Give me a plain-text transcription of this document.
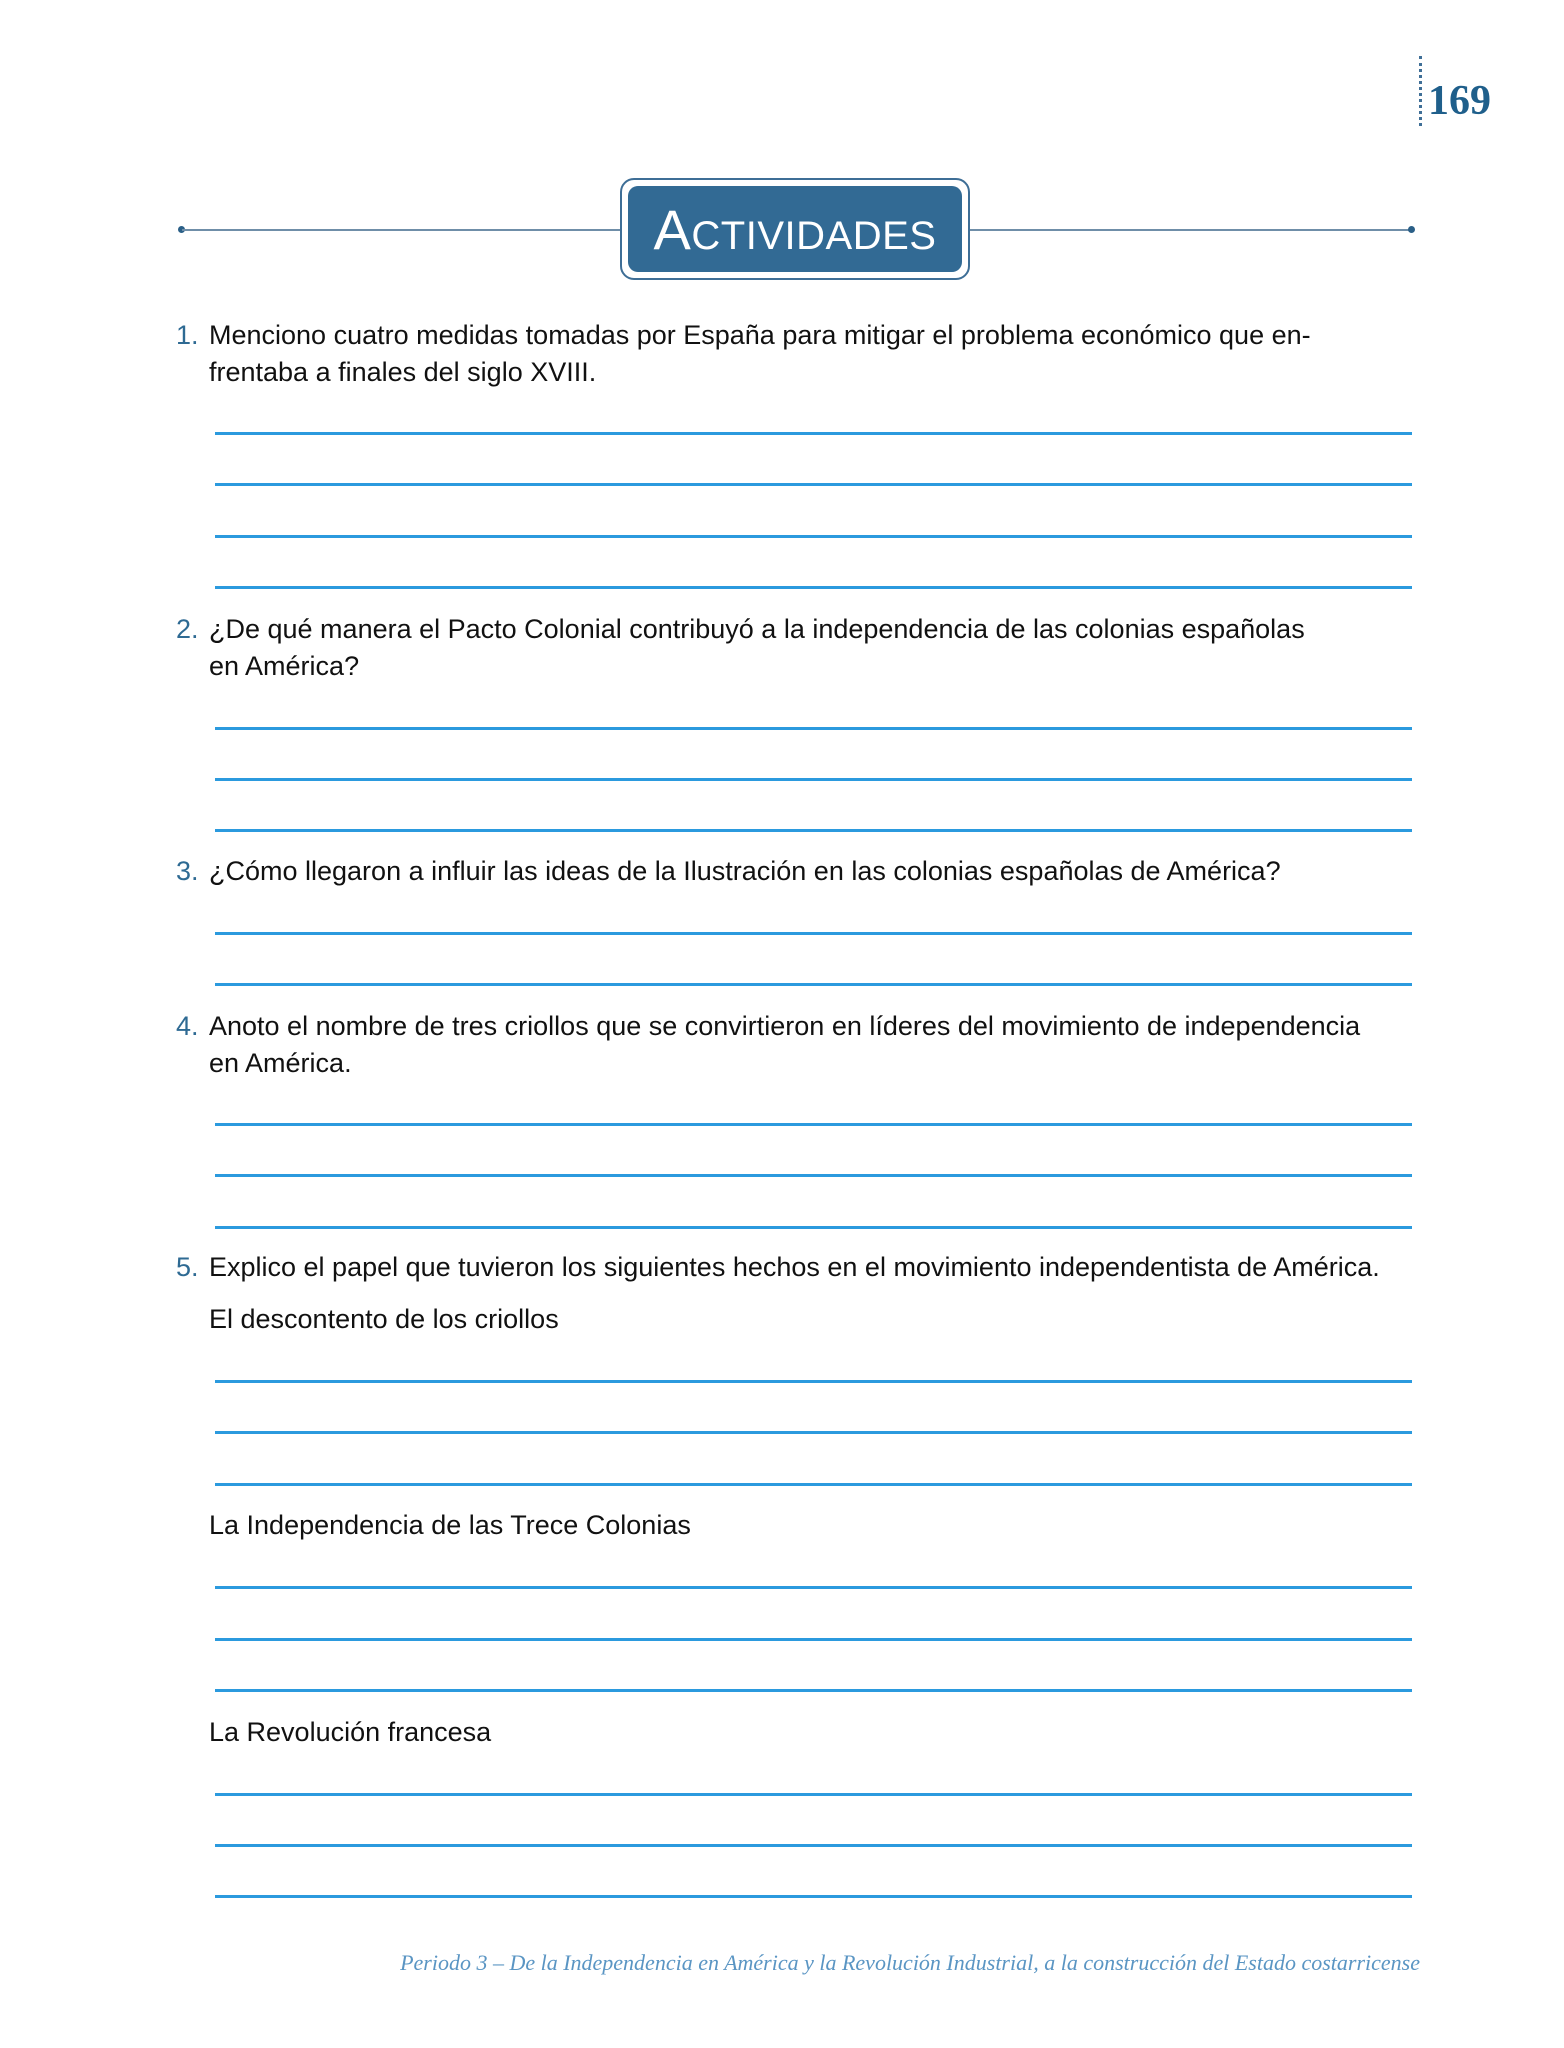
169
ACTIVIDADES
1. Menciono cuatro medidas tomadas por España para mitigar el problema económico que en-
frentaba a finales del siglo XVIII.
2. ¿De qué manera el Pacto Colonial contribuyó a la independencia de las colonias españolas
en América?
3. ¿Cómo llegaron a influir las ideas de la Ilustración en las colonias españolas de América?
4. Anoto el nombre de tres criollos que se convirtieron en líderes del movimiento de independencia
en América.
5. Explico el papel que tuvieron los siguientes hechos en el movimiento independentista de América.
El descontento de los criollos
La Independencia de las Trece Colonias
La Revolución francesa
Periodo 3 – De la Independencia en América y la Revolución Industrial, a la construcción del Estado costarricense
